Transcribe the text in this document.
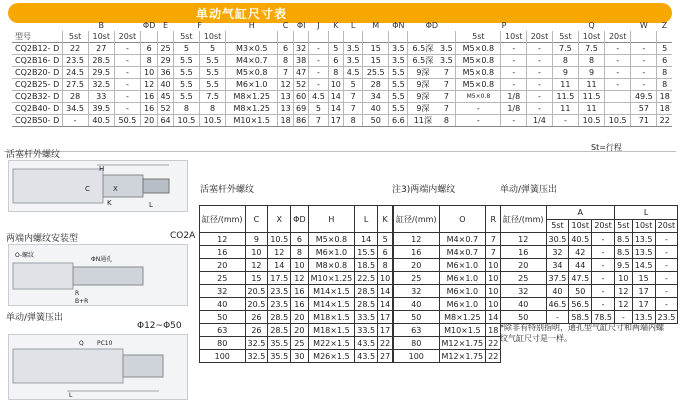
单动气缸尺寸表
	B			ΦD	E	F		H	C	ΦI	J	K	L	M	ΦN	ΦD		P			Q			W	Z
型号	5st	10st	20st			5st	10st											5st	10st	20st	5st	10st	20st		
CQ2B12- D	22	27	-	6	25	5	5	M3×0.5	6	32	-	5	3.5	15	3.5	6.5深	3.5	M5×0.8	-	-	7.5	7.5	-	-	5
CQ2B16- D	23.5	28.5	-	8	29	5.5	5.5	M4×0.7	8	38	-	6	3.5	15	3.5	6.5深	3.5	M5×0.8	-	-	8	8	-	-	6
CQ2B20- D	24.5	29.5	-	10	36	5.5	5.5	M5×0.8	7	47	-	8	4.5	25.5	5.5	9深	7	M5×0.8	-	-	9	9	-	-	8
CQ2B25- D	27.5	32.5	-	12	40	5.5	5.5	M6×1.0	12	52	-	10	5	28	5.5	9深	7	M5×0.8	-	-	11	11	-	-	8
CQ2B32- D	28	33	-	16	45	5.5	7.5	M8×1.25	13	60	4.5	14	7	34	5.5	9深	7	M5×0.8	1/8	-	11.5	11.5		49.5	18
CQ2B40- D	34.5	39.5	-	16	52	8	8	M8×1.25	13	69	5	14	7	40	5.5	9深	7	-	1/8	-	11	11		57	18
CQ2B50- D	-	40.5	50.5	20	64	10.5	10.5	M10×1.5	18	86	7	17	8	50	6.6	11深	8	-	-	1/4	-	10.5	10.5	71	22
St=行程
活塞杆外螺纹
H
C	X
K	L
两端内螺纹安装型	CO2A
O-螺纹
ΦN通孔
R
B+R
单动/弹簧压出
Φ12~Φ50
Q PC10
L
活塞杆外螺纹	注3)两端内螺纹	单动/弹簧压出
缸径/(mm)	C	X	ΦD	H	L	K
12	9	10.5	6	M5×0.8	14	5
16	10	12	8	M6×1.0	15.5	6
20	12	14	10	M8×0.8	18.5	8
25	15	17.5	12	M10×1.25	22.5	10
32	20.5	23.5	16	M14×1.5	28.5	14
40	20.5	23.5	16	M14×1.5	28.5	14
50	26	28.5	20	M18×1.5	33.5	17
63	26	28.5	20	M18×1.5	33.5	17
80	32.5	35.5	25	M22×1.5	43.5	22
100	32.5	35.5	30	M26×1.5	43.5	27
缸径/(mm)	O	R
12	M4×0.7	7
16	M4×0.7	7
20	M6×1.0	10
25	M6×1.0	10
32	M6×1.0	10
40	M6×1.0	10
50	M8×1.25	14
63	M10×1.5	18
80	M12×1.75	22
100	M12×1.75	22
缸径/(mm)	A			L		
	5st	10st	20st	5st	10st	20st
12	30.5	40.5	-	8.5	13.5	-
16	32	42	-	8.5	13.5	-
20	34	44	-	9.5	14.5	-
25	37.5	47.5	-	10	15	-
32	40	50	-	12	17	-
40	46.5	56.5	-	12	17	-
50	-	58.5	78.5	-	13.5	23.5
*除非有特别指明，通孔型气缸尺寸和两端内螺纹气缸尺寸是一样。
